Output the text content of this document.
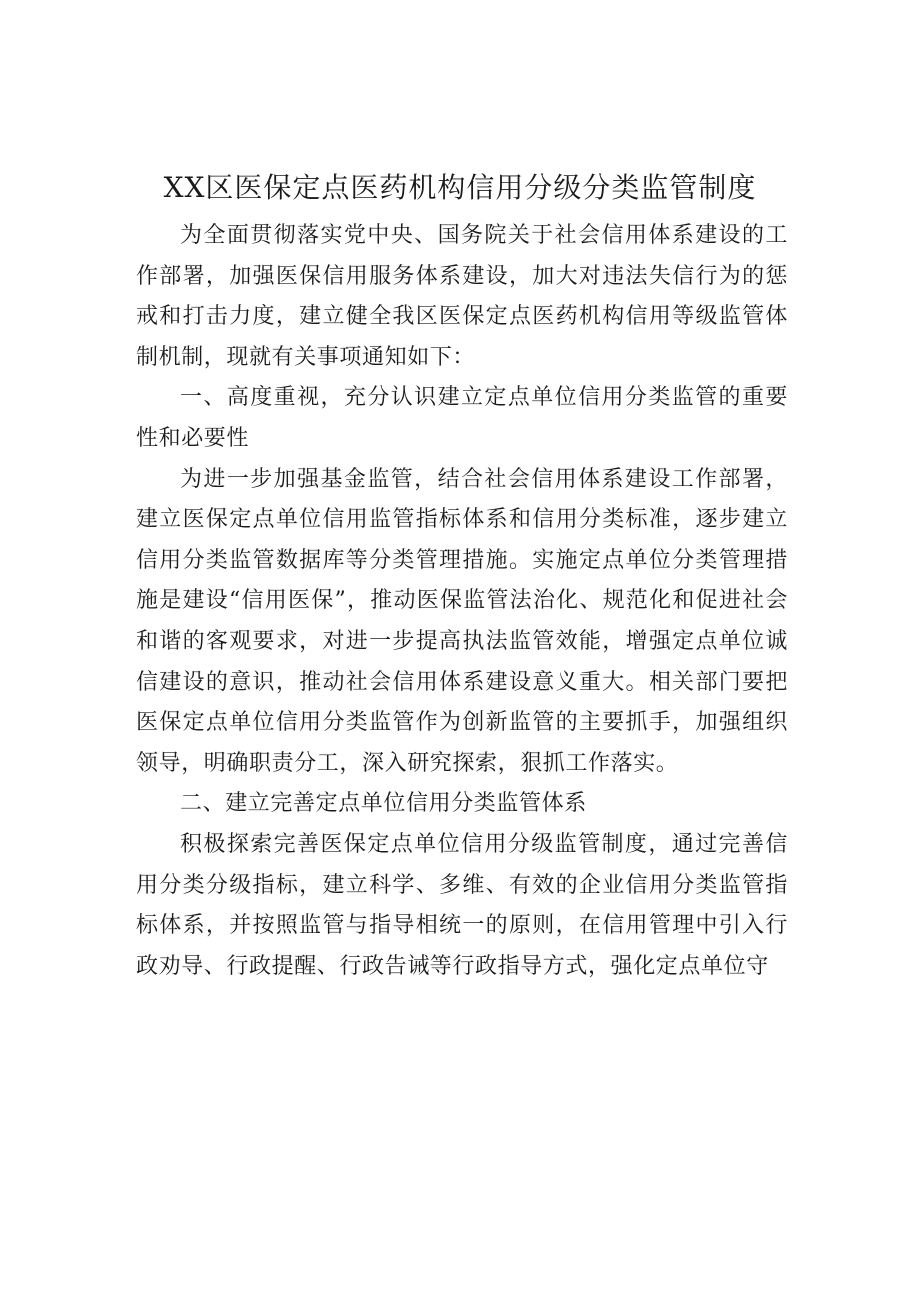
XX区医保定点医药机构信用分级分类监管制度

为全面贯彻落实党中央、国务院关于社会信用体系建设的工作部署，加强医保信用服务体系建设，加大对违法失信行为的惩戒和打击力度，建立健全我区医保定点医药机构信用等级监管体制机制，现就有关事项通知如下：

一、高度重视，充分认识建立定点单位信用分类监管的重要性和必要性

为进一步加强基金监管，结合社会信用体系建设工作部署，建立医保定点单位信用监管指标体系和信用分类标准，逐步建立信用分类监管数据库等分类管理措施。实施定点单位分类管理措施是建设“信用医保”，推动医保监管法治化、规范化和促进社会和谐的客观要求，对进一步提高执法监管效能，增强定点单位诚信建设的意识，推动社会信用体系建设意义重大。相关部门要把医保定点单位信用分类监管作为创新监管的主要抓手，加强组织领导，明确职责分工，深入研究探索，狠抓工作落实。

二、建立完善定点单位信用分类监管体系

积极探索完善医保定点单位信用分级监管制度，通过完善信用分类分级指标，建立科学、多维、有效的企业信用分类监管指标体系，并按照监管与指导相统一的原则，在信用管理中引入行政劝导、行政提醒、行政告诫等行政指导方式，强化定点单位守
